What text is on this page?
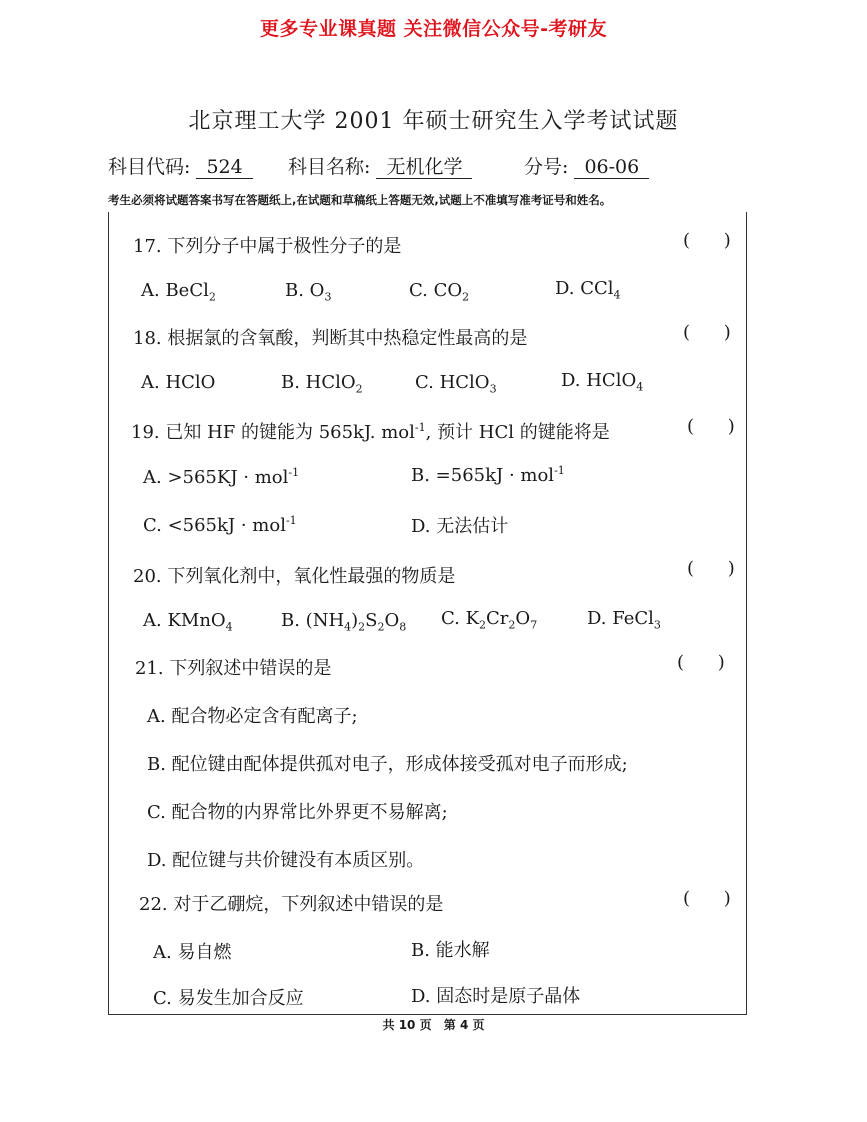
更多专业课真题 关注微信公众号-考研友
北京理工大学 2001 年硕士研究生入学考试试题
科目代码: 524	科目名称: 无机化学	分号: 06-06
考生必须将试题答案书写在答题纸上,在试题和草稿纸上答题无效,试题上不准填写准考证号和姓名。
17. 下列分子中属于极性分子的是	( )
A. BeCl$_2$	B. $O_3$	C. $CO_2$	D. CCl$_4$
18. 根据氯的含氧酸，判断其中热稳定性最高的是	( )
A. HClO	B. HClO$_2$	C. HClO$_3$	D. HClO$_4$
19. 已知 HF 的键能为 565kJ. mol$^{-1}$, 预计 HCl 的键能将是	( )
A. >565KJ · mol$^{-1}$	B. =565kJ · mol$^{-1}$
C. <565kJ · mol$^{-1}$	D. 无法估计
20. 下列氧化剂中，氧化性最强的物质是	( )
A. KMnO$_4$	B. $(NH_4)_2S_2O_8$ C. $K_2Cr_2O_7$	D. FeCl$_3$
21. 下列叙述中错误的是	( )
A. 配合物必定含有配离子;
B. 配位键由配体提供孤对电子，形成体接受孤对电子而形成;
C. 配合物的内界常比外界更不易解离;
D. 配位键与共价键没有本质区别。
22. 对于乙硼烷，下列叙述中错误的是	( )
A. 易自燃	B. 能水解
C. 易发生加合反应	D. 固态时是原子晶体
共 10 页 第 4 页
